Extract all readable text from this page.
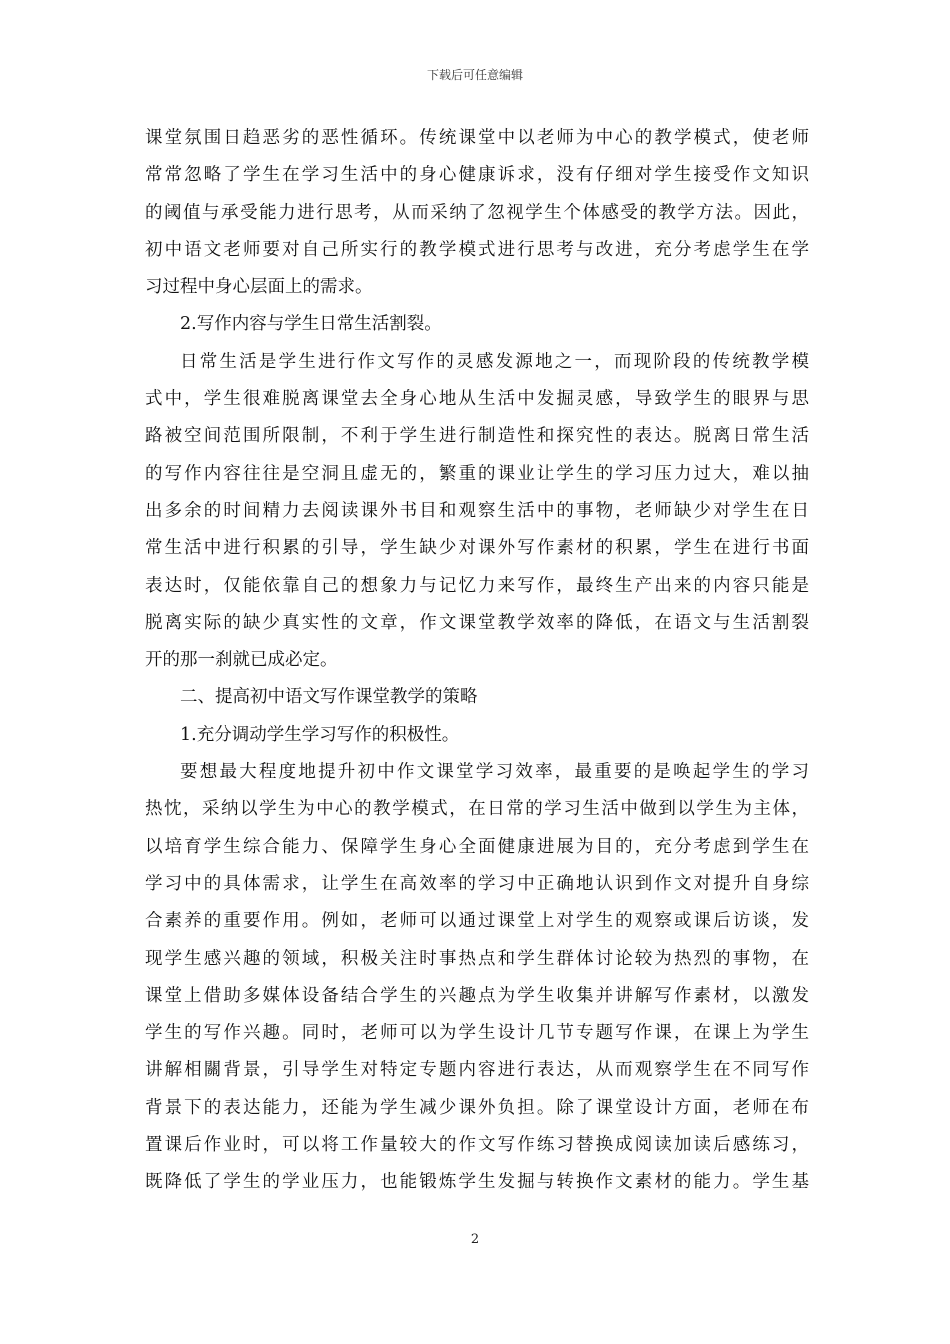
下载后可任意编辑
课堂氛围日趋恶劣的恶性循环。传统课堂中以老师为中心的教学模式，使老师
常常忽略了学生在学习生活中的身心健康诉求，没有仔细对学生接受作文知识
的阈值与承受能力进行思考，从而采纳了忽视学生个体感受的教学方法。因此，
初中语文老师要对自己所实行的教学模式进行思考与改进，充分考虑学生在学
习过程中身心层面上的需求。
2.写作内容与学生日常生活割裂。
日常生活是学生进行作文写作的灵感发源地之一，而现阶段的传统教学模
式中，学生很难脱离课堂去全身心地从生活中发掘灵感，导致学生的眼界与思
路被空间范围所限制，不利于学生进行制造性和探究性的表达。脱离日常生活
的写作内容往往是空洞且虚无的，繁重的课业让学生的学习压力过大，难以抽
出多余的时间精力去阅读课外书目和观察生活中的事物，老师缺少对学生在日
常生活中进行积累的引导，学生缺少对课外写作素材的积累，学生在进行书面
表达时，仅能依靠自己的想象力与记忆力来写作，最终生产出来的内容只能是
脱离实际的缺少真实性的文章，作文课堂教学效率的降低，在语文与生活割裂
开的那一刹就已成必定。
二、提高初中语文写作课堂教学的策略
1.充分调动学生学习写作的积极性。
要想最大程度地提升初中作文课堂学习效率，最重要的是唤起学生的学习
热忱，采纳以学生为中心的教学模式，在日常的学习生活中做到以学生为主体，
以培育学生综合能力、保障学生身心全面健康进展为目的，充分考虑到学生在
学习中的具体需求，让学生在高效率的学习中正确地认识到作文对提升自身综
合素养的重要作用。例如，老师可以通过课堂上对学生的观察或课后访谈，发
现学生感兴趣的领域，积极关注时事热点和学生群体讨论较为热烈的事物，在
课堂上借助多媒体设备结合学生的兴趣点为学生收集并讲解写作素材，以激发
学生的写作兴趣。同时，老师可以为学生设计几节专题写作课，在课上为学生
讲解相關背景，引导学生对特定专题内容进行表达，从而观察学生在不同写作
背景下的表达能力，还能为学生减少课外负担。除了课堂设计方面，老师在布
置课后作业时，可以将工作量较大的作文写作练习替换成阅读加读后感练习，
既降低了学生的学业压力，也能锻炼学生发掘与转换作文素材的能力。学生基
2
